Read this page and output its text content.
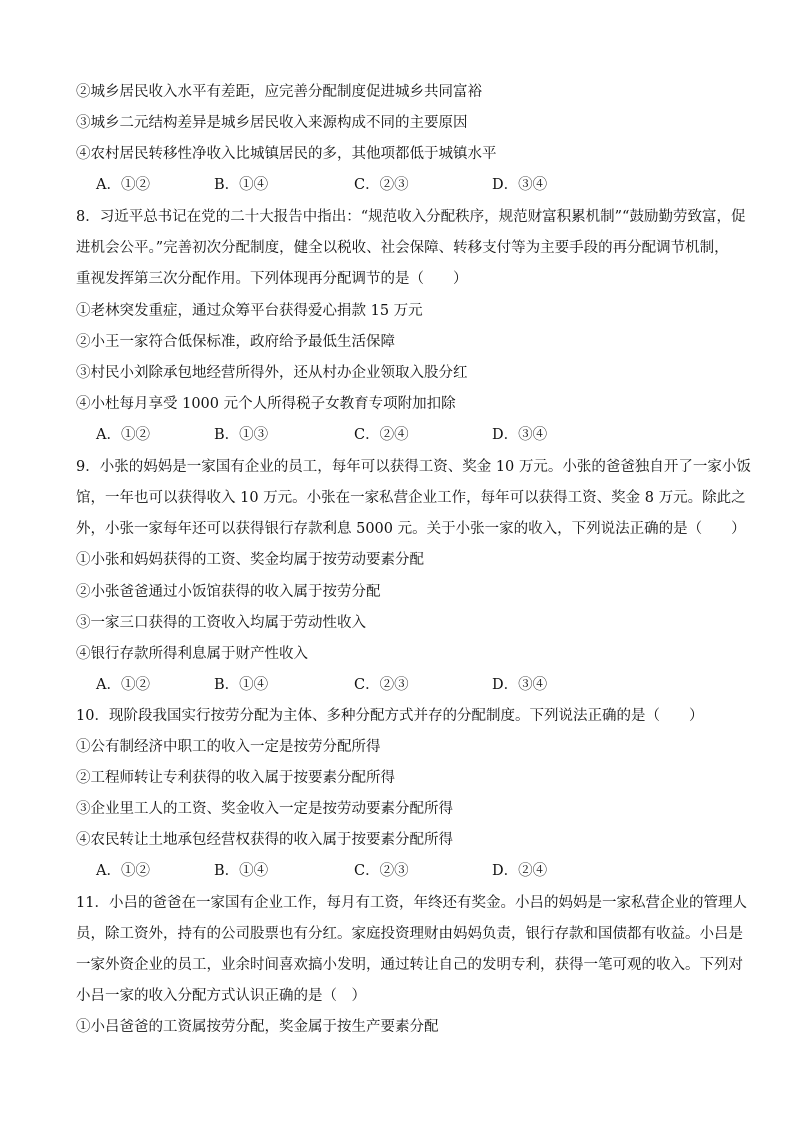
②城乡居民收入水平有差距，应完善分配制度促进城乡共同富裕
③城乡二元结构差异是城乡居民收入来源构成不同的主要原因
④农村居民转移性净收入比城镇居民的多，其他项都低于城镇水平
A．①②	B．①④	C．②③	D．③④
8．习近平总书记在党的二十大报告中指出：“规范收入分配秩序，规范财富积累机制”“鼓励勤劳致富，促
进机会公平。”完善初次分配制度，健全以税收、社会保障、转移支付等为主要手段的再分配调节机制，
重视发挥第三次分配作用。下列体现再分配调节的是（　　）
①老林突发重症，通过众筹平台获得爱心捐款 15 万元
②小王一家符合低保标准，政府给予最低生活保障
③村民小刘除承包地经营所得外，还从村办企业领取入股分红
④小杜每月享受 1000 元个人所得税子女教育专项附加扣除
A．①②	B．①③	C．②④	D．③④
9．小张的妈妈是一家国有企业的员工，每年可以获得工资、奖金 10 万元。小张的爸爸独自开了一家小饭
馆，一年也可以获得收入 10 万元。小张在一家私营企业工作，每年可以获得工资、奖金 8 万元。除此之
外，小张一家每年还可以获得银行存款利息 5000 元。关于小张一家的收入，下列说法正确的是（　　）
①小张和妈妈获得的工资、奖金均属于按劳动要素分配
②小张爸爸通过小饭馆获得的收入属于按劳分配
③一家三口获得的工资收入均属于劳动性收入
④银行存款所得利息属于财产性收入
A．①②	B．①④	C．②③	D．③④
10．现阶段我国实行按劳分配为主体、多种分配方式并存的分配制度。下列说法正确的是（　　）
①公有制经济中职工的收入一定是按劳分配所得
②工程师转让专利获得的收入属于按要素分配所得
③企业里工人的工资、奖金收入一定是按劳动要素分配所得
④农民转让土地承包经营权获得的收入属于按要素分配所得
A．①②	B．①④	C．②③	D．②④
11．小吕的爸爸在一家国有企业工作，每月有工资，年终还有奖金。小吕的妈妈是一家私营企业的管理人
员，除工资外，持有的公司股票也有分红。家庭投资理财由妈妈负责，银行存款和国债都有收益。小吕是
一家外资企业的员工，业余时间喜欢搞小发明，通过转让自己的发明专利，获得一笔可观的收入。下列对
小吕一家的收入分配方式认识正确的是（　）
①小吕爸爸的工资属按劳分配，奖金属于按生产要素分配
